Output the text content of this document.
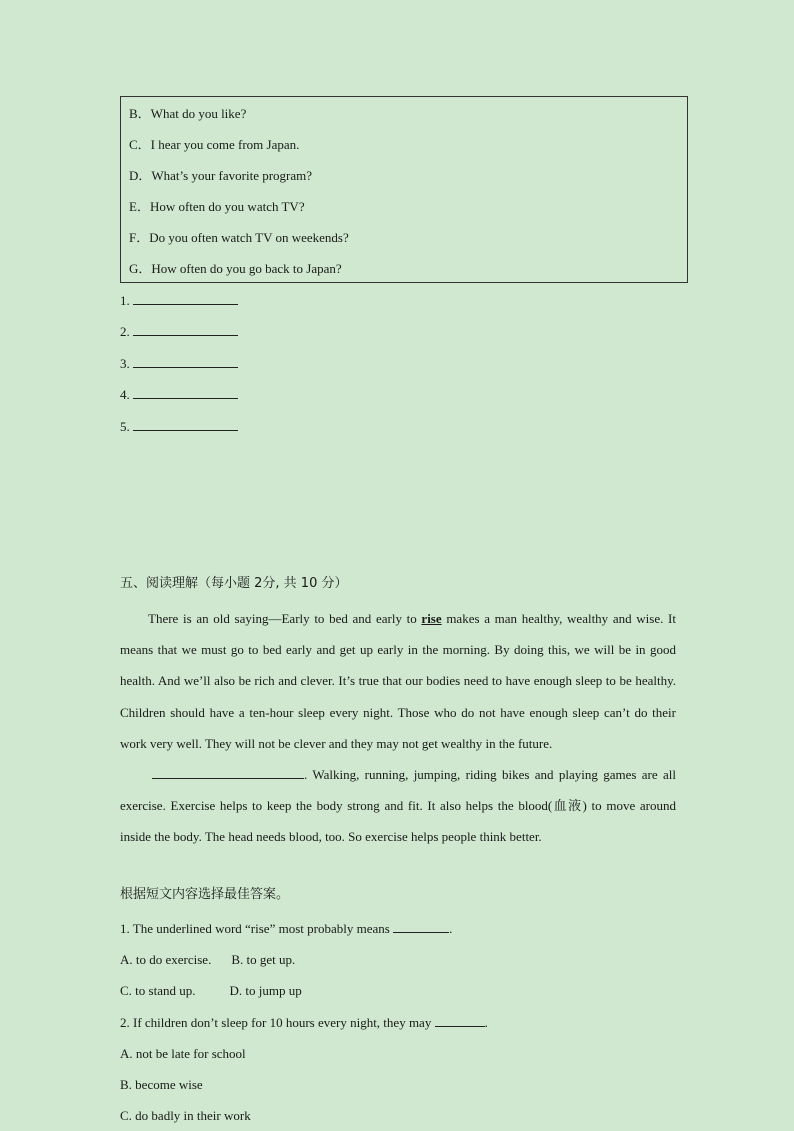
B．What do you like?
C．I hear you come from Japan.
D．What’s your favorite program?
E．How often do you watch TV?
F．Do you often watch TV on weekends?
G．How often do you go back to Japan?
1.
2.
3.
4.
5.
五、阅读理解（每小题 2分, 共 10 分）

There is an old saying—Early to bed and early to rise makes a man healthy, wealthy and wise. It means that we must go to bed early and get up early in the morning. By doing this, we will be in good health. And we’ll also be rich and clever. It’s true that our bodies need to have enough sleep to be healthy. Children should have a ten-hour sleep every night. Those who do not have enough sleep can’t do their work very well. They will not be clever and they may not get wealthy in the future.

. Walking, running, jumping, riding bikes and playing games are all exercise. Exercise helps to keep the body strong and fit. It also helps the blood(血液) to move around inside the body. The head needs blood, too. So exercise helps people think better.

根据短文内容选择最佳答案。
1. The underlined word “rise” most probably means	.
A. to do exercise. B. to get up.
C. to stand up.	D. to jump up
2. If children don’t sleep for 10 hours every night, they may	.
A. not be late for school
B. become wise
C. do badly in their work
